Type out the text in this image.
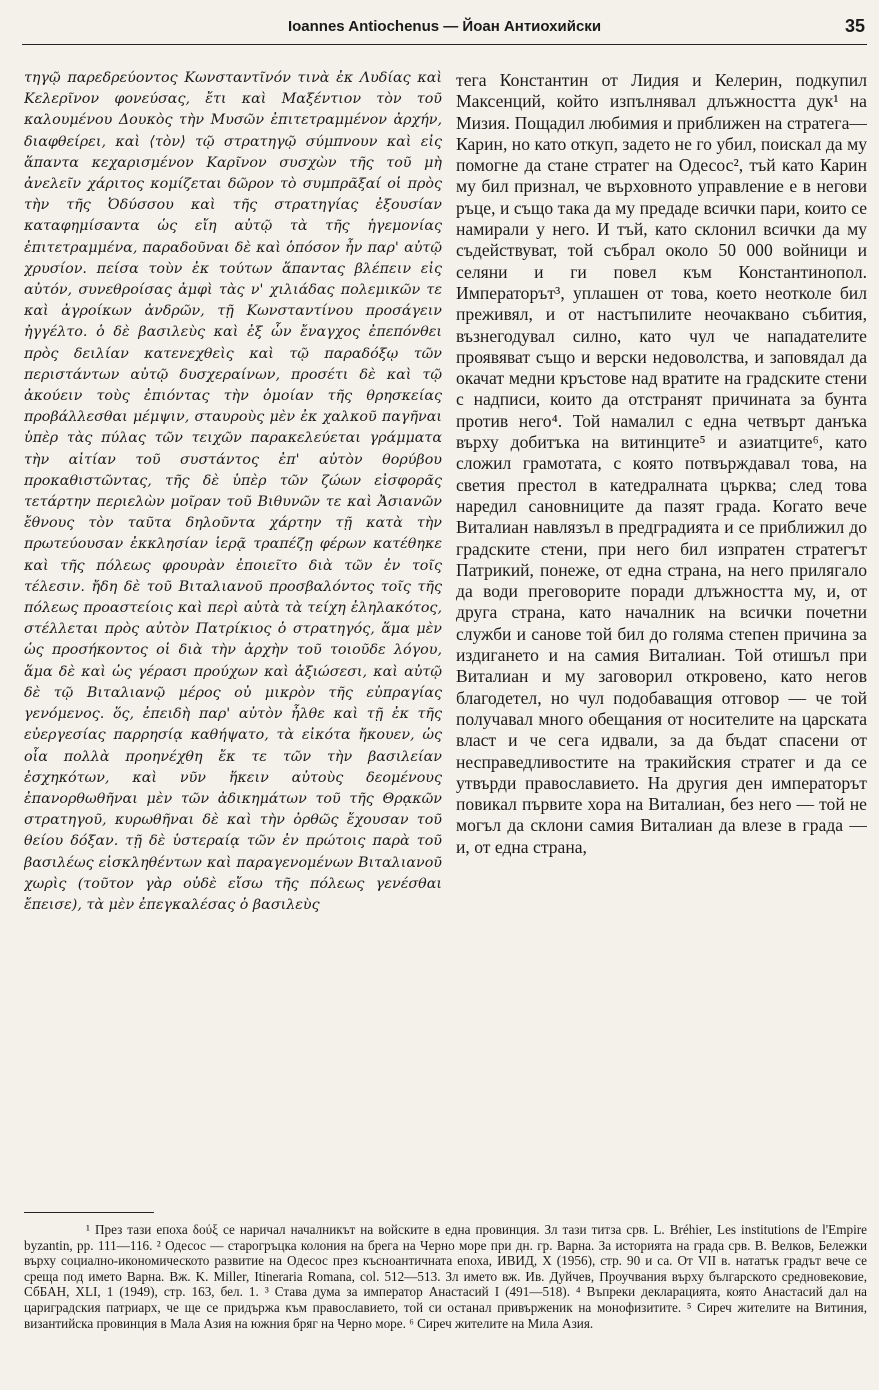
Ioannes Antiochenus — Йоан Антиохийски	35
τηγῷ παρεδρεύοντος Κωνσταντῖνόν τινὰ ἐκ Λυδίας καὶ Κελερῖνον φονεύσας, ἔτι καὶ Μαξέντιον τὸν τοῦ καλουμένου Δουκὸς τὴν Μυσῶν ἐπιτετραμμένον ἀρχήν, διαφθείρει, καὶ ⟨τὸν⟩ τῷ στρατηγῷ σύμπνουν καὶ εἰς ἅπαντα κεχαρισμένον Καρῖνον συσχὼν τῆς τοῦ μὴ ἀνελεῖν χάριτος κομίζεται δῶρον τὸ συμπρᾶξαί οἱ πρὸς τὴν τῆς Ὀδύσσου καὶ τῆς στρατηγίας ἐξουσίαν καταφημίσαντα ὡς εἴη αὐτῷ τὰ τῆς ἡγεμονίας ἐπιτετραμμένα, παραδοῦναι δὲ καὶ ὁπόσον ἦν παρ' αὐτῷ χρυσίον. πείσα τοὺν ἐκ τούτων ἅπαντας βλέπειν εἰς αὐτόν, συνεθροίσας ἀμφὶ τὰς ν' χιλιάδας πολεμικῶν τε καὶ ἀγροίκων ἀνδρῶν, τῇ Κωνσταντίνου προσάγειν ἠγγέλτο. ὁ δὲ βασιλεὺς καὶ ἐξ ὧν ἔναγχος ἐπεπόνθει πρὸς δειλίαν κατενεχθεὶς καὶ τῷ παραδόξῳ τῶν περιστάντων αὐτῷ δυσχεραίνων, προσέτι δὲ καὶ τῷ ἀκούειν τοὺς ἐπιόντας τὴν ὁμοίαν τῆς θρησκείας προβάλλεσθαι μέμψιν, σταυροὺς μὲν ἐκ χαλκοῦ παγῆναι ὑπὲρ τὰς πύλας τῶν τειχῶν παρακελεύεται γράμματα τὴν αἰτίαν τοῦ συστάντος ἐπ' αὐτὸν θορύβου προκαθιστῶντας, τῆς δὲ ὑπὲρ τῶν ζώων εἰσφορᾶς τετάρτην περιελὼν μοῖραν τοῦ Βιθυνῶν τε καὶ Ἀσιανῶν ἔθνους τὸν ταῦτα δηλοῦντα χάρτην τῇ κατὰ τὴν πρωτεύουσαν ἐκκλησίαν ἱερᾷ τραπέζῃ φέρων κατέθηκε καὶ τῆς πόλεως φρουρὰν ἐποιεῖτο διὰ τῶν ἐν τοῖς τέλεσιν. ἤδη δὲ τοῦ Βιταλιανοῦ προσβαλόντος τοῖς τῆς πόλεως προαστείοις καὶ περὶ αὐτὰ τὰ τείχη ἐληλακότος, στέλλεται πρὸς αὐτὸν Πατρίκιος ὁ στρατηγός, ἅμα μὲν ὡς προσήκοντος οἱ διὰ τὴν ἀρχὴν τοῦ τοιοῦδε λόγου, ἅμα δὲ καὶ ὡς γέρασι προύχων καὶ ἀξιώσεσι, καὶ αὐτῷ δὲ τῷ Βιταλιανῷ μέρος οὐ μικρὸν τῆς εὐπραγίας γενόμενος. ὅς, ἐπειδὴ παρ' αὐτὸν ἦλθε καὶ τῇ ἐκ τῆς εὐεργεσίας παρρησίᾳ καθήψατο, τὰ εἰκότα ἤκουεν, ὡς οἷα πολλὰ προηνέχθη ἔκ τε τῶν τὴν βασιλείαν ἐσχηκότων, καὶ νῦν ἥκειν αὐτοὺς δεομένους ἐπανορθωθῆναι μὲν τῶν ἀδικημάτων τοῦ τῆς Θρᾳκῶν στρατηγοῦ, κυρωθῆναι δὲ καὶ τὴν ὀρθῶς ἔχουσαν τοῦ θείου δόξαν. τῇ δὲ ὑστεραίᾳ τῶν ἐν πρώτοις παρὰ τοῦ βασιλέως εἰσκληθέντων καὶ παραγενομένων Βιταλιανοῦ χωρὶς (τοῦτον γὰρ οὐδὲ εἴσω τῆς πόλεως γενέσθαι ἔπεισε), τὰ μὲν ἐπεγκαλέσας ὁ βασιλεὺς
тега Константин от Лидия и Келерин, подкупил Максенций, който изпълнявал длъжността дук¹ на Мизия. Пощадил любимия и приближен на стратега—Карин, но като откуп, задето не го убил, поискал да му помогне да стане стратег на Одесос², тъй като Карин му бил признал, че върховното управление е в негови ръце, и също така да му предаде всички пари, които се намирали у него. И тъй, като склонил всички да му съдействуват, той събрал около 50 000 войници и селяни и ги повел към Константинопол. Императорът³, уплашен от това, което неотколе бил преживял, и от настъпилите неочаквано събития, възнегодувал силно, като чул че нападателите проявяват също и верски недоволства, и заповядал да окачат медни кръстове над вратите на градските стени с надписи, които да отстранят причината за бунта против него⁴. Той намалил с една четвърт данъка върху добитъка на витинците⁵ и азиатците⁶, като сложил грамотата, с която потвърждавал това, на светия престол в катедралната църква; след това наредил сановниците да пазят града. Когато вече Виталиан навлязъл в предградията и се приближил до градските стени, при него бил изпратен стратегът Патрикий, понеже, от една страна, на него прилягало да води преговорите поради длъжността му, и, от друга страна, като началник на всички почетни служби и санове той бил до голяма степен причина за издигането и на самия Виталиан. Той отишъл при Виталиан и му заговорил откровено, като негов благодетел, но чул подобаващия отговор — че той получавал много обещания от носителите на царската власт и че сега идвали, за да бъдат спасени от несправедливостите на тракийския стратег и да се утвърди православието. На другия ден императорът повикал първите хора на Виталиан, без него — той не могъл да склони самия Виталиан да влезе в града — и, от една страна,

¹ През тази епоха δούξ се наричал началникът на войските в една провинция. Зл тази титза срв. L. Bréhier, Les institutions de l'Empire byzantin, pp. 111—116. ² Одесос — старогръцка колония на брега на Черно море при дн. гр. Варна. За историята на града срв. В. Велков, Бележки върху социално-икономическото развитие на Одесос през късноантичната епоха, ИВИД, X (1956), стр. 90 и са. От VII в. нататък градът вече се среща под името Варна. Вж. K. Miller, Itineraria Romana, col. 512—513. Зл името вж. Ив. Дуйчев, Проучвания върху българското средновековие, СбБАН, XLI, 1 (1949), стр. 163, бел. 1. ³ Става дума за император Анастасий I (491—518). ⁴ Въпреки декларацията, която Анастасий дал на цариградския патриарх, че ще се придържа към православието, той си останал привърженик на монофизитите. ⁵ Сиреч жителите на Витиния, византийска провинция в Мала Азия на южния бряг на Черно море. ⁶ Сиреч жителите на Мила Азия.
